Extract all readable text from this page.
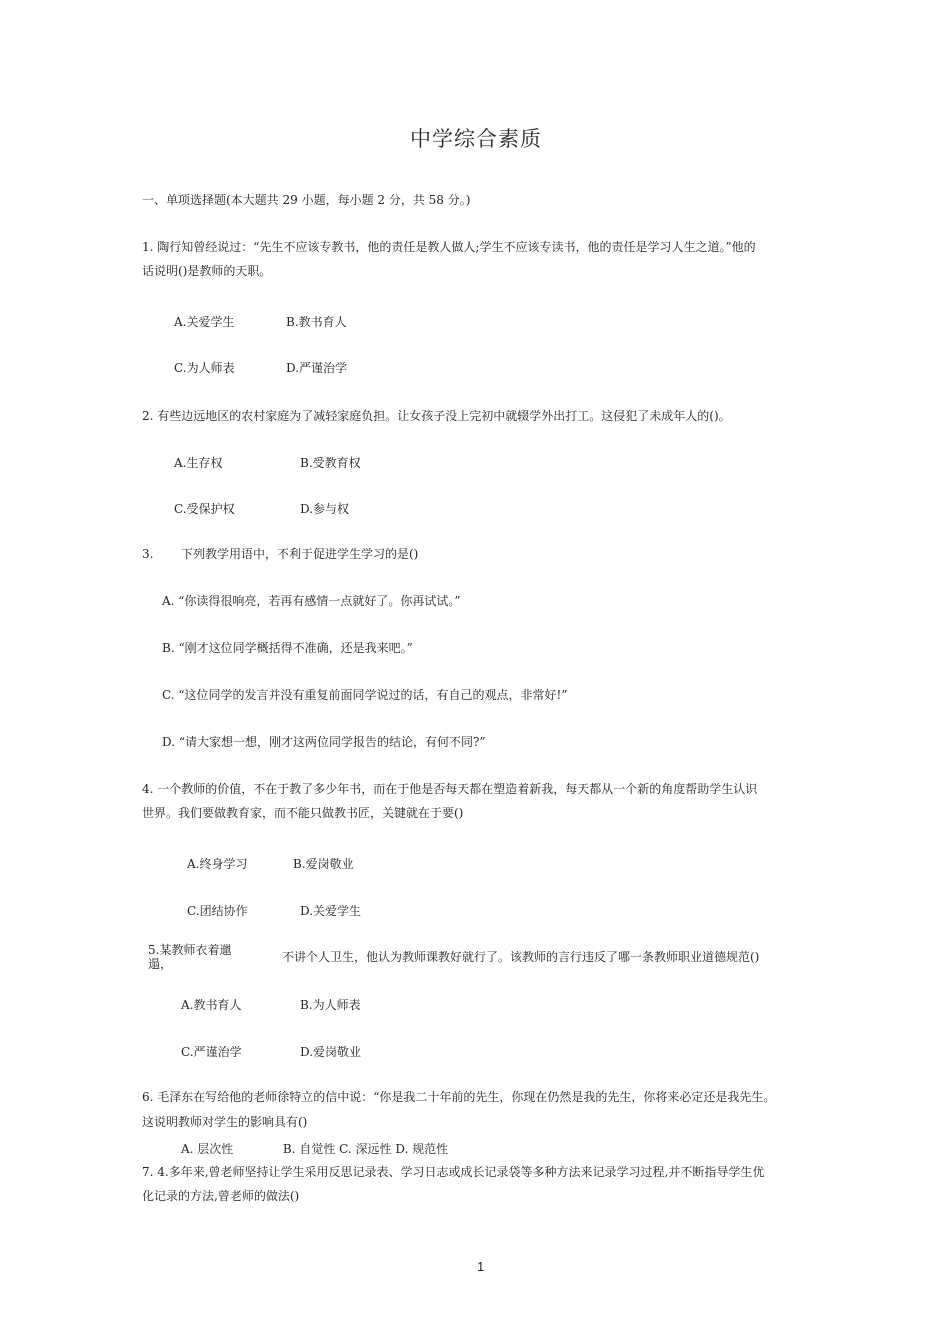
中学综合素质
一、单项选择题(本大题共 29 小题，每小题 2 分，共 58 分。)
1. 陶行知曾经说过：“先生不应该专教书，他的责任是教人做人;学生不应该专读书，他的责任是学习人生之道。”他的
话说明()是教师的天职。
A.关爱学生	B.教书育人
C.为人师表	D.严谨治学
2. 有些边远地区的农村家庭为了减轻家庭负担。让女孩子没上完初中就辍学外出打工。这侵犯了未成年人的()。
A.生存权	B.受教育权
C.受保护权	D.参与权
3. 下列教学用语中，不利于促进学生学习的是()
A. “你读得很响亮，若再有感情一点就好了。你再试试。”
B. “刚才这位同学概括得不准确，还是我来吧。”
C. “这位同学的发言并没有重复前面同学说过的话，有自己的观点，非常好!”
D. “请大家想一想，刚才这两位同学报告的结论，有何不同?”
4. 一个教师的价值，不在于教了多少年书，而在于他是否每天都在塑造着新我，每天都从一个新的角度帮助学生认识
世界。我们要做教育家，而不能只做教书匠，关键就在于要()
A.终身学习	B.爱岗敬业
C.团结协作	D.关爱学生
5.某教师衣着邋
遢，	不讲个人卫生，他认为教师课教好就行了。该教师的言行违反了哪一条教师职业道德规范()
A.教书育人	B.为人师表
C.严谨治学	D.爱岗敬业
6. 毛泽东在写给他的老师徐特立的信中说：“你是我二十年前的先生，你现在仍然是我的先生，你将来必定还是我先生。
这说明教师对学生的影响具有()
A. 层次性             B. 自觉性 C. 深远性 D. 规范性
7. 4.多年来,曾老师坚持让学生采用反思记录表、学习日志或成长记录袋等多种方法来记录学习过程,并不断指导学生优
化记录的方法,曾老师的做法()
1
